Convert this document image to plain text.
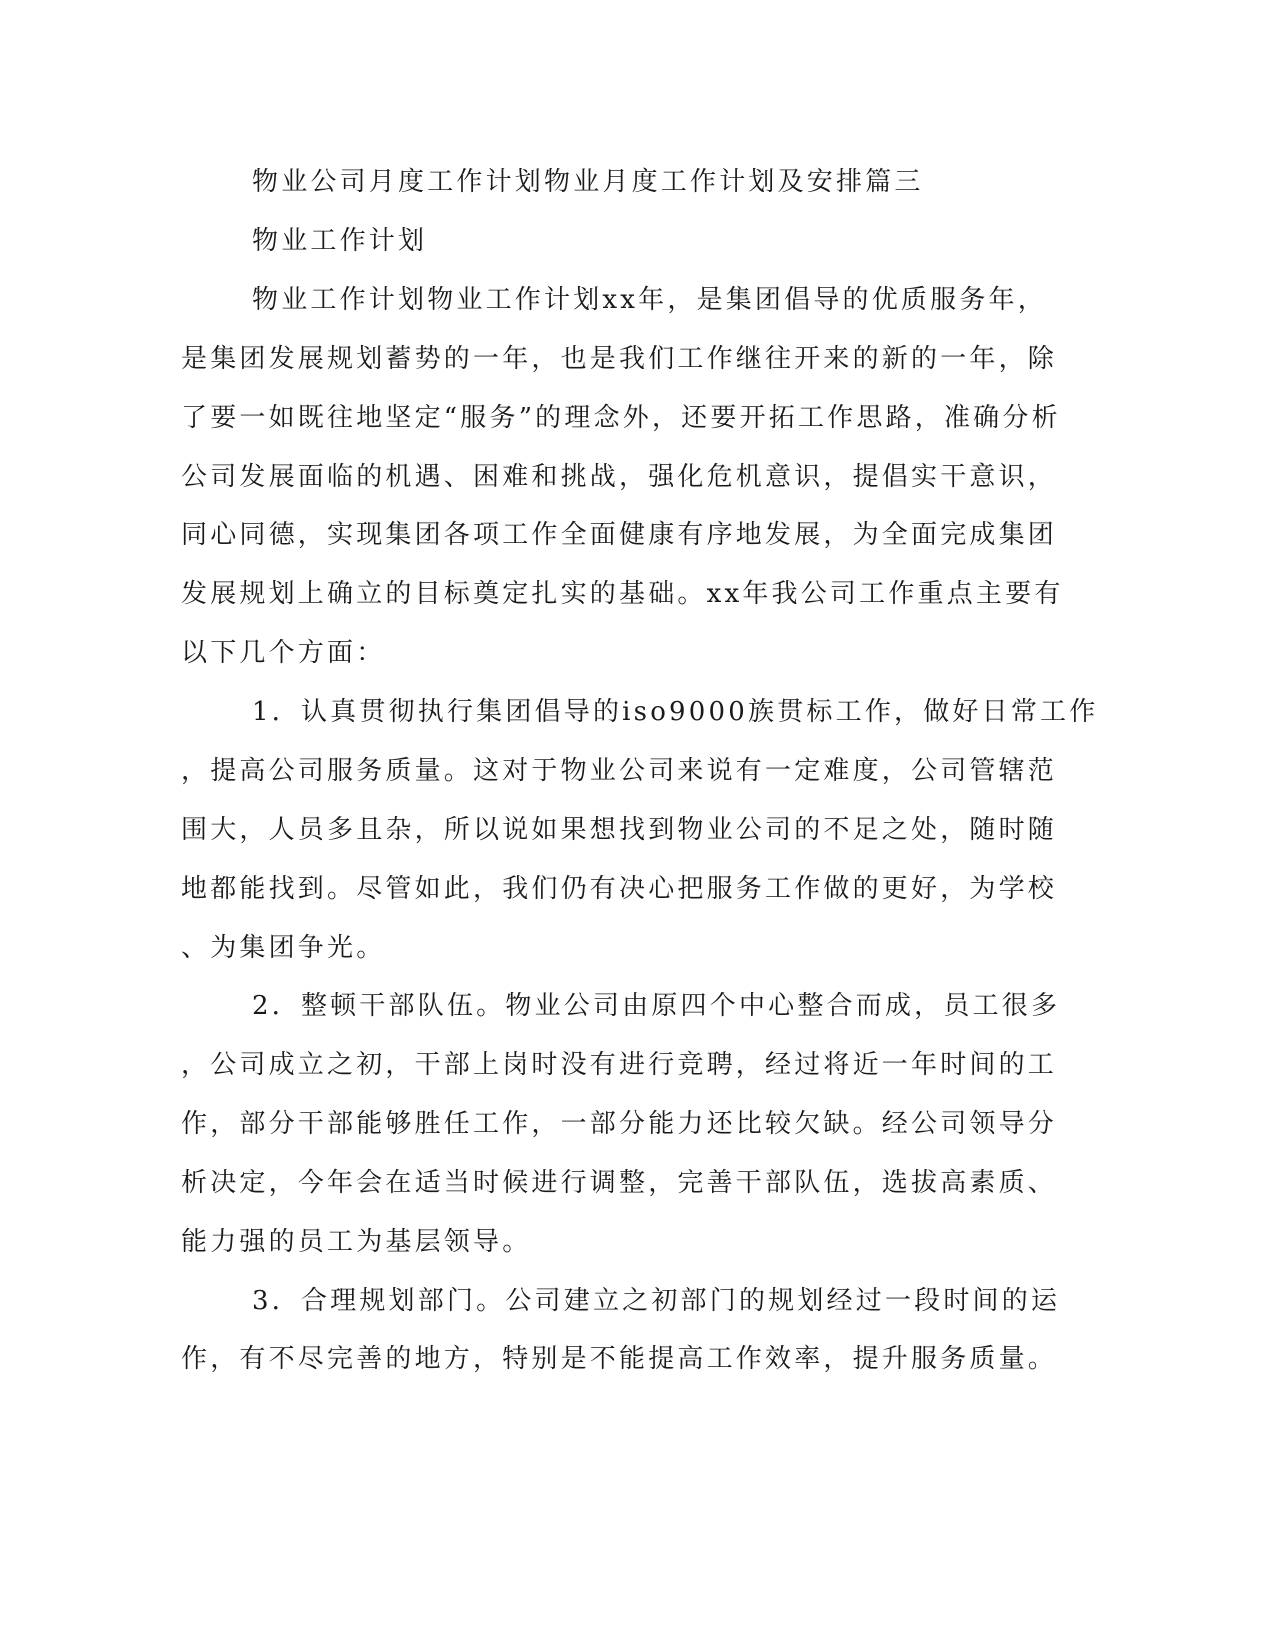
物业公司月度工作计划物业月度工作计划及安排篇三
物业工作计划
物业工作计划物业工作计划xx年，是集团倡导的优质服务年，
是集团发展规划蓄势的一年，也是我们工作继往开来的新的一年，除
了要一如既往地坚定“服务”的理念外，还要开拓工作思路，准确分析
公司发展面临的机遇、困难和挑战，强化危机意识，提倡实干意识，
同心同德，实现集团各项工作全面健康有序地发展，为全面完成集团
发展规划上确立的目标奠定扎实的基础。xx年我公司工作重点主要有
以下几个方面：
1．认真贯彻执行集团倡导的iso9000族贯标工作，做好日常工作
，提高公司服务质量。这对于物业公司来说有一定难度，公司管辖范
围大，人员多且杂，所以说如果想找到物业公司的不足之处，随时随
地都能找到。尽管如此，我们仍有决心把服务工作做的更好，为学校
、为集团争光。
2．整顿干部队伍。物业公司由原四个中心整合而成，员工很多
，公司成立之初，干部上岗时没有进行竞聘，经过将近一年时间的工
作，部分干部能够胜任工作，一部分能力还比较欠缺。经公司领导分
析决定，今年会在适当时候进行调整，完善干部队伍，选拔高素质、
能力强的员工为基层领导。
3．合理规划部门。公司建立之初部门的规划经过一段时间的运
作，有不尽完善的地方，特别是不能提高工作效率，提升服务质量。
